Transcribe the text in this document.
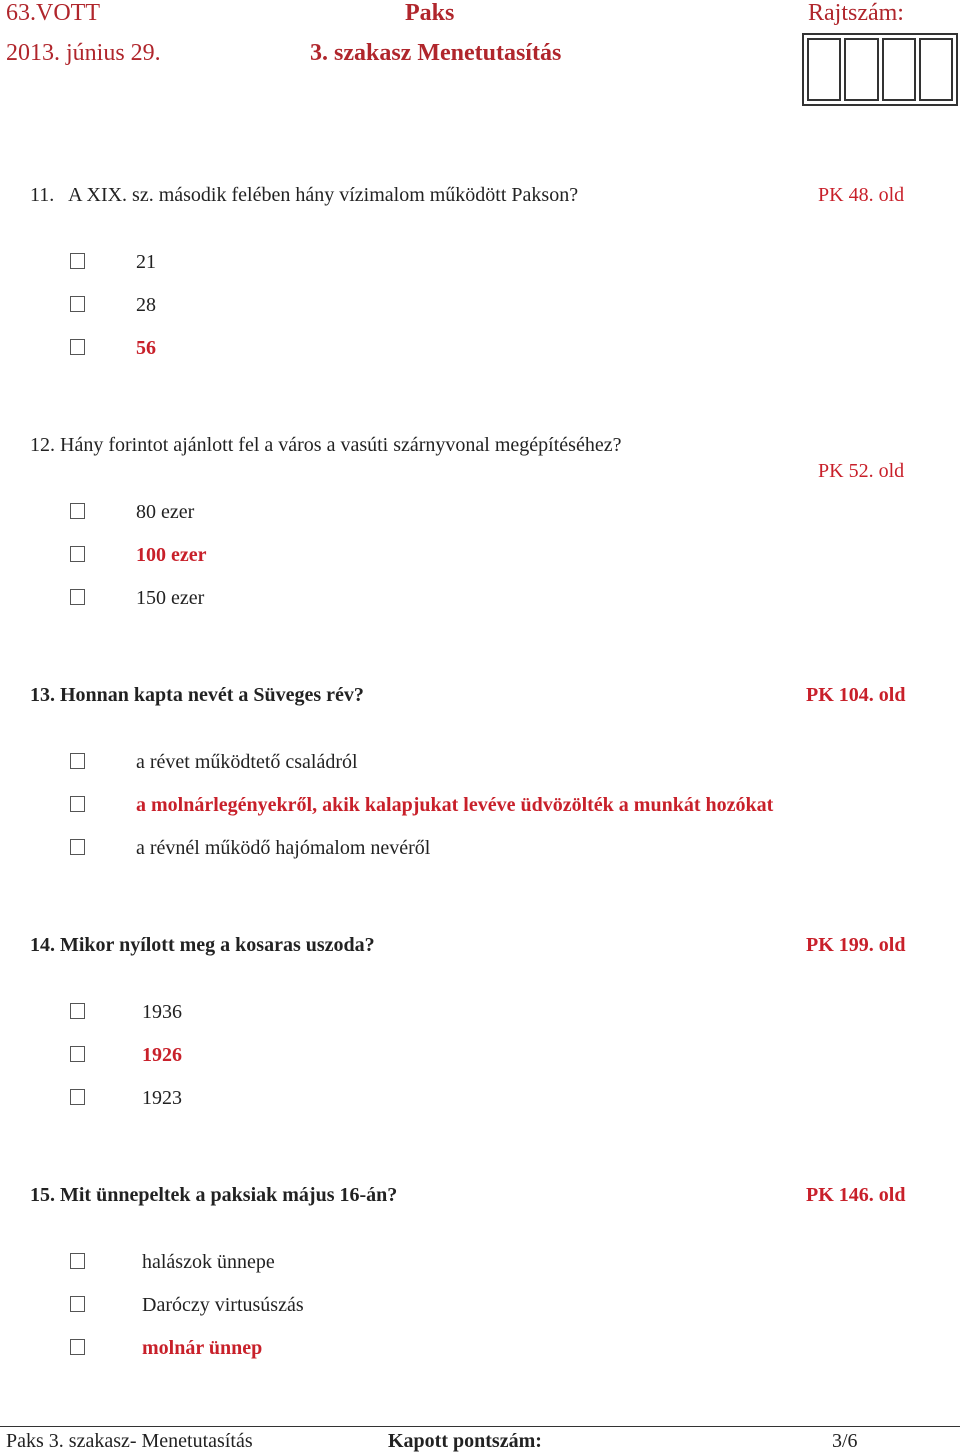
63.VOTT
2013. június 29.
Paks
3. szakasz Menetutasítás
Rajtszám:
11. A XIX. sz. második felében hány vízimalom működött Pakson?	PK 48. old
21
28
56
12. Hány forintot ajánlott fel a város a vasúti szárnyvonal megépítéséhez?
PK 52. old
80 ezer
100 ezer
150 ezer
13. Honnan kapta nevét a Süveges rév?	PK 104. old
a révet működtető családról
a molnárlegényekről, akik kalapjukat levéve üdvözölték a munkát hozókat
a révnél működő hajómalom nevéről
14. Mikor nyílott meg a kosaras uszoda?	PK 199. old
1936
1926
1923
15. Mit ünnepeltek a paksiak május 16-án?	PK 146. old
halászok ünnepe
Daróczy virtusúszás
molnár ünnep
Paks 3. szakasz- Menetutasítás	Kapott pontszám:	3/6
